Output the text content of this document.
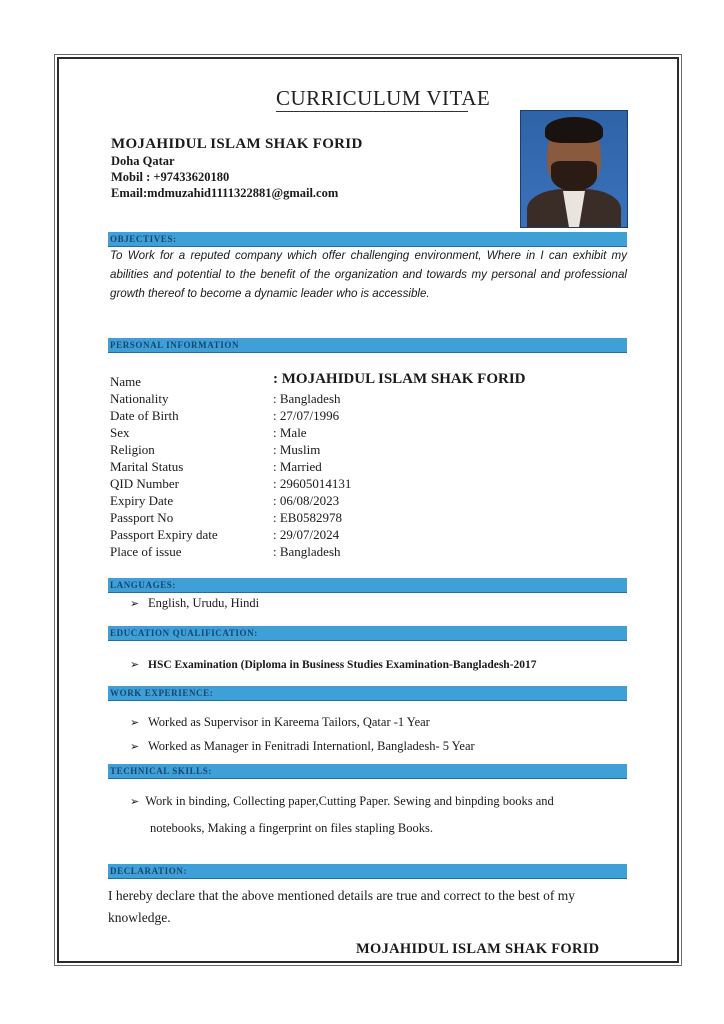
CURRICULUM VITAE
MOJAHIDUL ISLAM SHAK FORID
Doha Qatar
Mobil : +97433620180
Email:mdmuzahid1111322881@gmail.com
OBJECTIVES:
To Work for a reputed company which offer challenging environment, Where in I can exhibit my abilities and potential to the benefit of the organization and towards my personal and professional growth thereof to become a dynamic leader who is accessible.
PERSONAL INFORMATION
Name	: MOJAHIDUL ISLAM SHAK FORID
Nationality	: Bangladesh
Date of Birth	: 27/07/1996
Sex	: Male
Religion	: Muslim
Marital Status	: Married
QID Number	: 29605014131
Expiry Date	: 06/08/2023
Passport No	: EB0582978
Passport Expiry date	: 29/07/2024
Place of issue	: Bangladesh
LANGUAGES:
➢ English, Urudu, Hindi
EDUCATION QUALIFICATION:
➢ HSC Examination (Diploma in Business Studies Examination-Bangladesh-2017
WORK EXPERIENCE:
➢ Worked as Supervisor in Kareema Tailors, Qatar -1 Year
➢ Worked as Manager in Fenitradi Internationl, Bangladesh- 5 Year
TECHNICAL SKILLS:
➢ Work in binding, Collecting paper,Cutting Paper. Sewing and binpding books and
notebooks, Making a fingerprint on files stapling Books.
DECLARATION:
I hereby declare that the above mentioned details are true and correct to the best of my knowledge.
MOJAHIDUL ISLAM SHAK FORID
